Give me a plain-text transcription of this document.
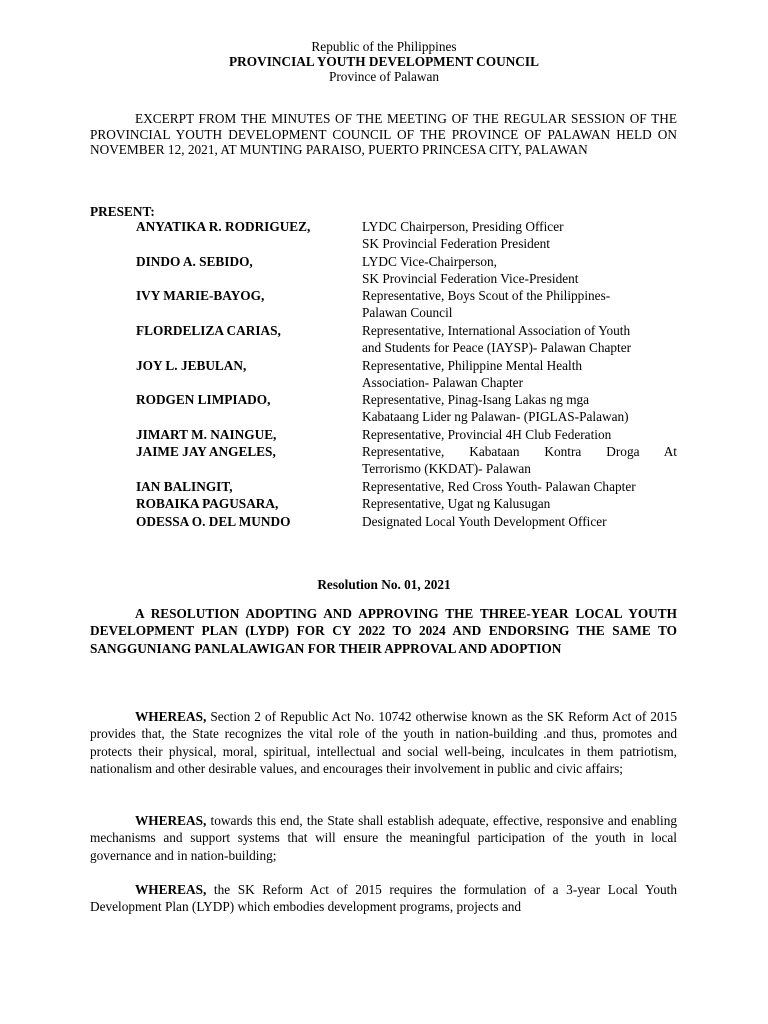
Republic of the Philippines
PROVINCIAL YOUTH DEVELOPMENT COUNCIL
Province of Palawan
EXCERPT FROM THE MINUTES OF THE MEETING OF THE REGULAR SESSION OF THE PROVINCIAL YOUTH DEVELOPMENT COUNCIL OF THE PROVINCE OF PALAWAN HELD ON NOVEMBER 12, 2021, AT MUNTING PARAISO, PUERTO PRINCESA CITY, PALAWAN
PRESENT:
ANYATIKA R. RODRIGUEZ,	LYDC Chairperson, Presiding Officer
SK Provincial Federation President
DINDO A. SEBIDO,	LYDC Vice-Chairperson,
SK Provincial Federation Vice-President
IVY MARIE-BAYOG,	Representative, Boys Scout of the Philippines-
Palawan Council
FLORDELIZA CARIAS,	Representative, International Association of Youth
and Students for Peace (IAYSP)- Palawan Chapter
JOY L. JEBULAN,	Representative, Philippine Mental Health
Association- Palawan Chapter
RODGEN LIMPIADO,	Representative, Pinag-Isang Lakas ng mga
Kabataang Lider ng Palawan- (PIGLAS-Palawan)
JIMART M. NAINGUE,	Representative, Provincial 4H Club Federation
JAIME JAY ANGELES,	Representative, Kabataan Kontra Droga At
Terrorismo (KKDAT)- Palawan
IAN BALINGIT,	Representative, Red Cross Youth- Palawan Chapter
ROBAIKA PAGUSARA,	Representative, Ugat ng Kalusugan
ODESSA O. DEL MUNDO	Designated Local Youth Development Officer
Resolution No. 01, 2021
A RESOLUTION ADOPTING AND APPROVING THE THREE-YEAR LOCAL YOUTH DEVELOPMENT PLAN (LYDP) FOR CY 2022 TO 2024 AND ENDORSING THE SAME TO SANGGUNIANG PANLALAWIGAN FOR THEIR APPROVAL AND ADOPTION
WHEREAS, Section 2 of Republic Act No. 10742 otherwise known as the SK Reform Act of 2015 provides that, the State recognizes the vital role of the youth in nation-building .and thus, promotes and protects their physical, moral, spiritual, intellectual and social well-being, inculcates in them patriotism, nationalism and other desirable values, and encourages their involvement in public and civic affairs;
WHEREAS, towards this end, the State shall establish adequate, effective, responsive and enabling mechanisms and support systems that will ensure the meaningful participation of the youth in local governance and in nation-building;
WHEREAS, the SK Reform Act of 2015 requires the formulation of a 3-year Local Youth Development Plan (LYDP) which embodies development programs, projects and
